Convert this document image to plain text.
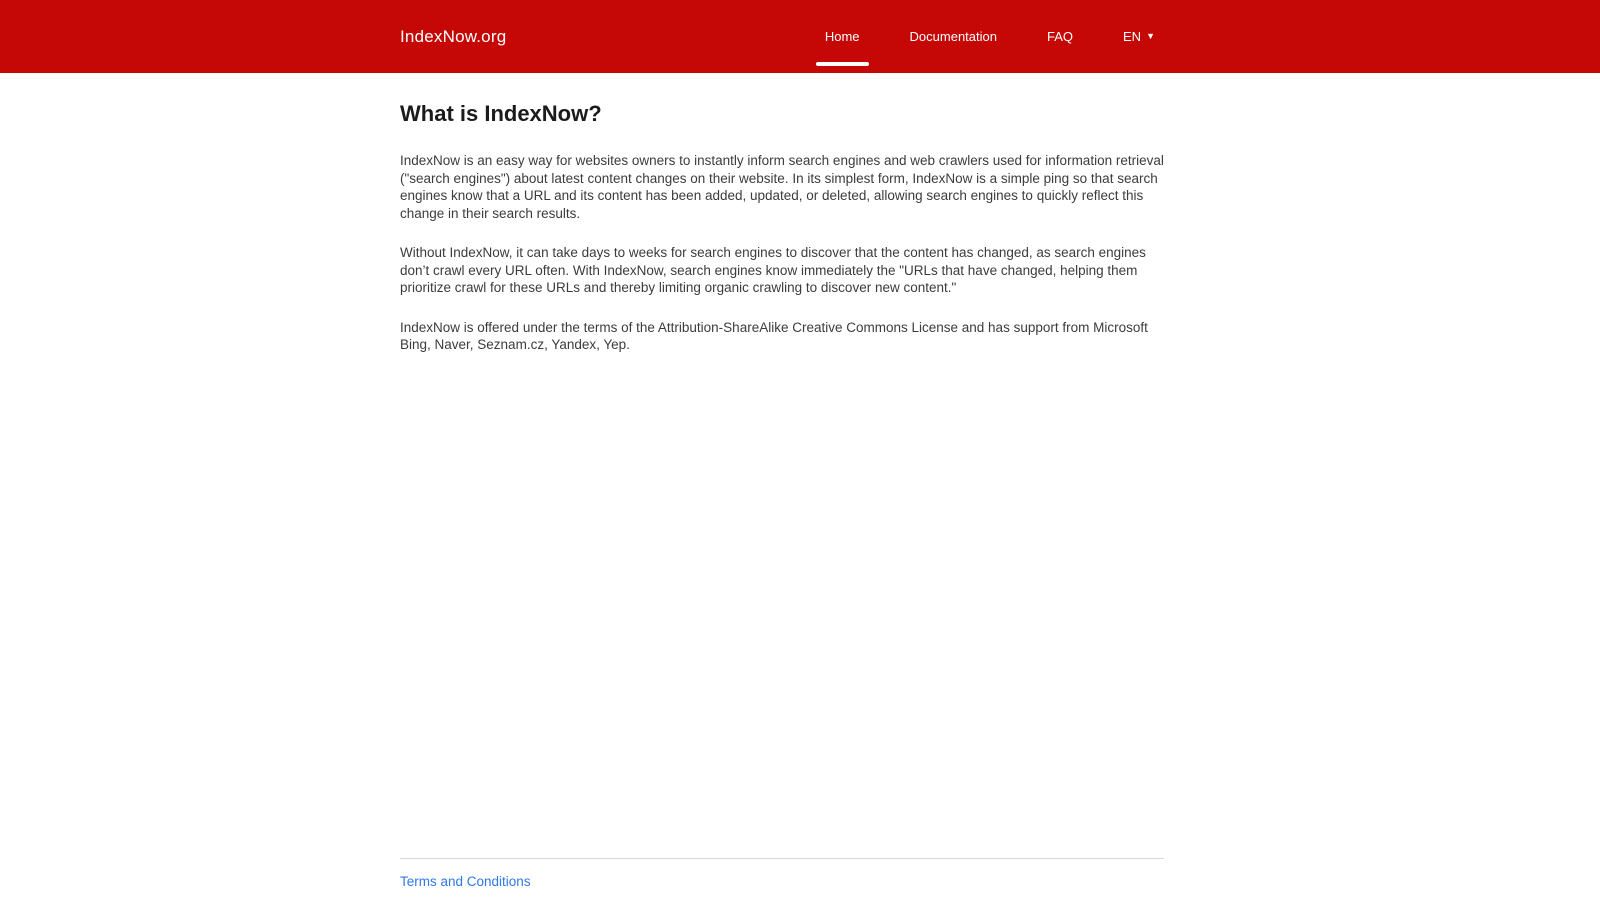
IndexNow.org	Home	Documentation	FAQ	EN ▼
What is IndexNow?

IndexNow is an easy way for websites owners to instantly inform search engines and web crawlers used for information retrieval ("search engines") about latest content changes on their website. In its simplest form, IndexNow is a simple ping so that search engines know that a URL and its content has been added, updated, or deleted, allowing search engines to quickly reflect this change in their search results.

Without IndexNow, it can take days to weeks for search engines to discover that the content has changed, as search engines don’t crawl every URL often. With IndexNow, search engines know immediately the "URLs that have changed, helping them prioritize crawl for these URLs and thereby limiting organic crawling to discover new content."

IndexNow is offered under the terms of the Attribution-ShareAlike Creative Commons License and has support from Microsoft Bing, Naver, Seznam.cz, Yandex, Yep.

Terms and Conditions
